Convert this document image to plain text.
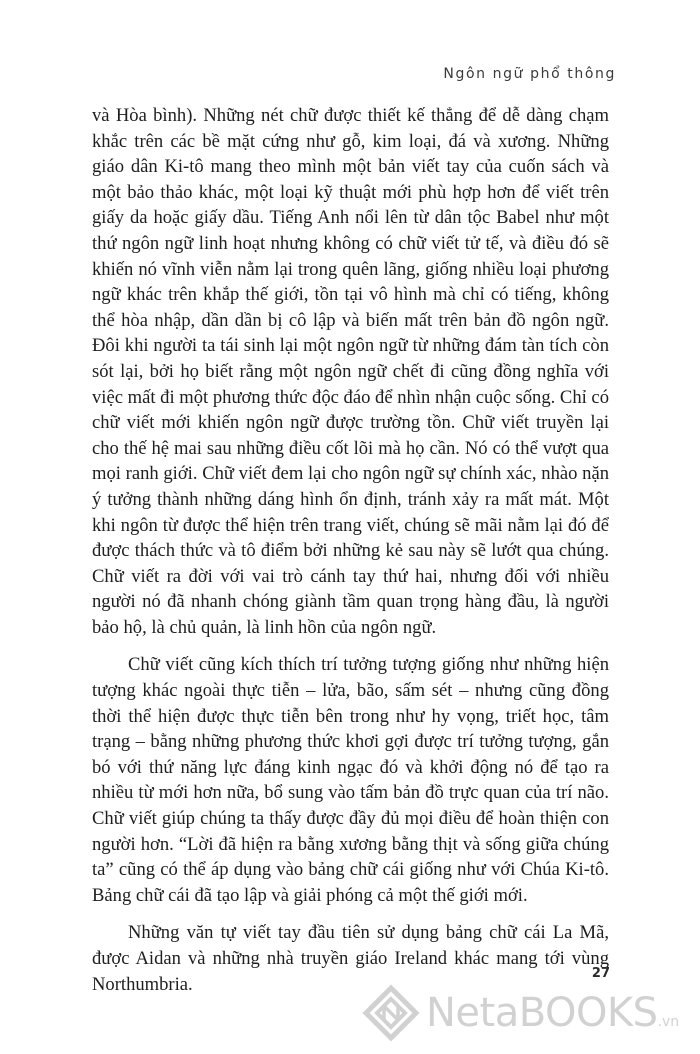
Ngôn ngữ phổ thông

và Hòa bình). Những nét chữ được thiết kế thẳng để dễ dàng chạm khắc trên các bề mặt cứng như gỗ, kim loại, đá và xương. Những giáo dân Ki-tô mang theo mình một bản viết tay của cuốn sách và một bảo thảo khác, một loại kỹ thuật mới phù hợp hơn để viết trên giấy da hoặc giấy dầu. Tiếng Anh nổi lên từ dân tộc Babel như một thứ ngôn ngữ linh hoạt nhưng không có chữ viết tử tế, và điều đó sẽ khiến nó vĩnh viễn nằm lại trong quên lãng, giống nhiều loại phương ngữ khác trên khắp thế giới, tồn tại vô hình mà chỉ có tiếng, không thể hòa nhập, dần dần bị cô lập và biến mất trên bản đồ ngôn ngữ. Đôi khi người ta tái sinh lại một ngôn ngữ từ những đám tàn tích còn sót lại, bởi họ biết rằng một ngôn ngữ chết đi cũng đồng nghĩa với việc mất đi một phương thức độc đáo để nhìn nhận cuộc sống. Chỉ có chữ viết mới khiến ngôn ngữ được trường tồn. Chữ viết truyền lại cho thế hệ mai sau những điều cốt lõi mà họ cần. Nó có thể vượt qua mọi ranh giới. Chữ viết đem lại cho ngôn ngữ sự chính xác, nhào nặn ý tưởng thành những dáng hình ổn định, tránh xảy ra mất mát. Một khi ngôn từ được thể hiện trên trang viết, chúng sẽ mãi nằm lại đó để được thách thức và tô điểm bởi những kẻ sau này sẽ lướt qua chúng. Chữ viết ra đời với vai trò cánh tay thứ hai, nhưng đối với nhiều người nó đã nhanh chóng giành tầm quan trọng hàng đầu, là người bảo hộ, là chủ quản, là linh hồn của ngôn ngữ.

Chữ viết cũng kích thích trí tưởng tượng giống như những hiện tượng khác ngoài thực tiễn – lửa, bão, sấm sét – nhưng cũng đồng thời thể hiện được thực tiễn bên trong như hy vọng, triết học, tâm trạng – bằng những phương thức khơi gợi được trí tưởng tượng, gắn bó với thứ năng lực đáng kinh ngạc đó và khởi động nó để tạo ra nhiều từ mới hơn nữa, bổ sung vào tấm bản đồ trực quan của trí não. Chữ viết giúp chúng ta thấy được đầy đủ mọi điều để hoàn thiện con người hơn. “Lời đã hiện ra bằng xương bằng thịt và sống giữa chúng ta” cũng có thể áp dụng vào bảng chữ cái giống như với Chúa Ki-tô. Bảng chữ cái đã tạo lập và giải phóng cả một thế giới mới.

Những văn tự viết tay đầu tiên sử dụng bảng chữ cái La Mã, được Aidan và những nhà truyền giáo Ireland khác mang tới vùng Northumbria.

27
NetaBOOKS.vn
